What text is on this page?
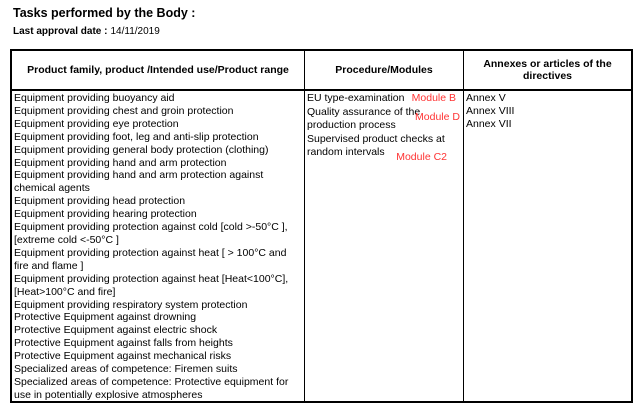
Tasks performed by the Body :
Last approval date : 14/11/2019
Product family, product /Intended use/Product range	Procedure/Modules	Annexes or articles of the directives

Equipment providing buoyancy aid

Equipment providing chest and groin protection

Equipment providing eye protection

Equipment providing foot, leg and anti-slip protection

Equipment providing general body protection (clothing)

Equipment providing hand and arm protection

Equipment providing hand and arm protection against chemical agents

Equipment providing head protection

Equipment providing hearing protection

Equipment providing protection against cold [cold >-50°C ], [extreme cold <-50°C ]

Equipment providing protection against heat [ > 100°C and fire and flame ]

Equipment providing protection against heat [Heat<100°C], [Heat>100°C and fire]

Equipment providing respiratory system protection

Protective Equipment against drowning

Protective Equipment against electric shock

Protective Equipment against falls from heights

Protective Equipment against mechanical risks

Specialized areas of competence: Firemen suits

Specialized areas of competence: Protective equipment for use in potentially explosive atmospheres

EU type-examination Module B
Quality assurance of the production process
Module D
Supervised product checks at random intervals Module C2

Annex V

Annex VIII

Annex VII
